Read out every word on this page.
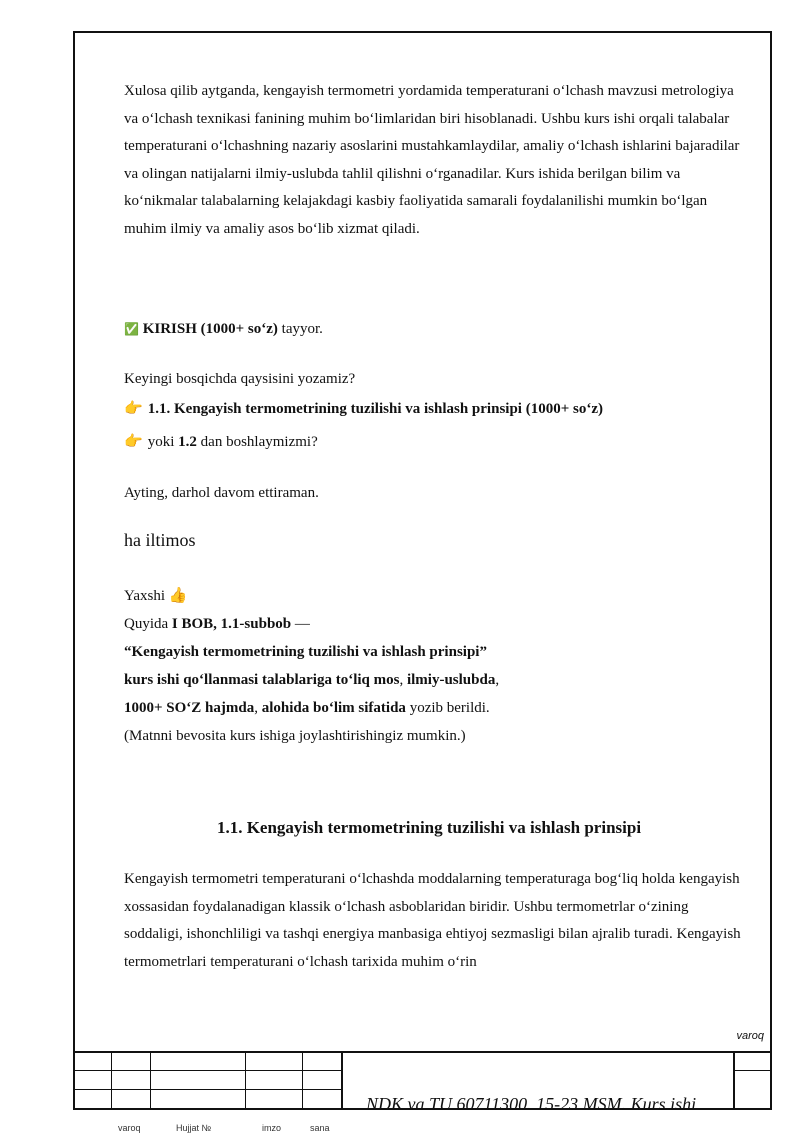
Xulosa qilib aytganda, kengayish termometri yordamida temperaturani o‘lchash mavzusi metrologiya va o‘lchash texnikasi fanining muhim bo‘limlaridan biri hisoblanadi. Ushbu kurs ishi orqali talabalar temperaturani o‘lchashning nazariy asoslarini mustahkamlaydilar, amaliy o‘lchash ishlarini bajaradilar va olingan natijalarni ilmiy-uslubda tahlil qilishni o‘rganadilar. Kurs ishida berilgan bilim va ko‘nikmalar talabalarning kelajakdagi kasbiy faoliyatida samarali foydalanilishi mumkin bo‘lgan muhim ilmiy va amaliy asos bo‘lib xizmat qiladi.

✅ KIRISH (1000+ so‘z) tayyor.
Keyingi bosqichda qaysisini yozamiz?
👉 1.1. Kengayish termometrining tuzilishi va ishlash prinsipi (1000+ so‘z)
👉 yoki 1.2 dan boshlaymizmi?
Ayting, darhol davom ettiraman.
ha iltimos
Yaxshi 👍
Quyida I BOB, 1.1-subbob —
“Kengayish termometrining tuzilishi va ishlash prinsipi”
kurs ishi qo‘llanmasi talablariga to‘liq mos, ilmiy-uslubda,
1000+ SO‘Z hajmda, alohida bo‘lim sifatida yozib berildi.
(Matnni bevosita kurs ishiga joylashtirishingiz mumkin.)
1.1. Kengayish termometrining tuzilishi va ishlash prinsipi

Kengayish termometri temperaturani o‘lchashda moddalarning temperaturaga bog‘liq holda kengayish xossasidan foydalanadigan klassik o‘lchash asboblaridan biridir. Ushbu termometrlar o‘zining soddaligi, ishonchliligi va tashqi energiya manbasiga ehtiyoj sezmasligi bilan ajralib turadi. Kengayish termometrlari temperaturani o‘lchash tarixida muhim o‘rin

varoq
NDK va TU 60711300. 15-23 MSM. Kurs ishi
varoq	Hujjat №	imzo	sana
